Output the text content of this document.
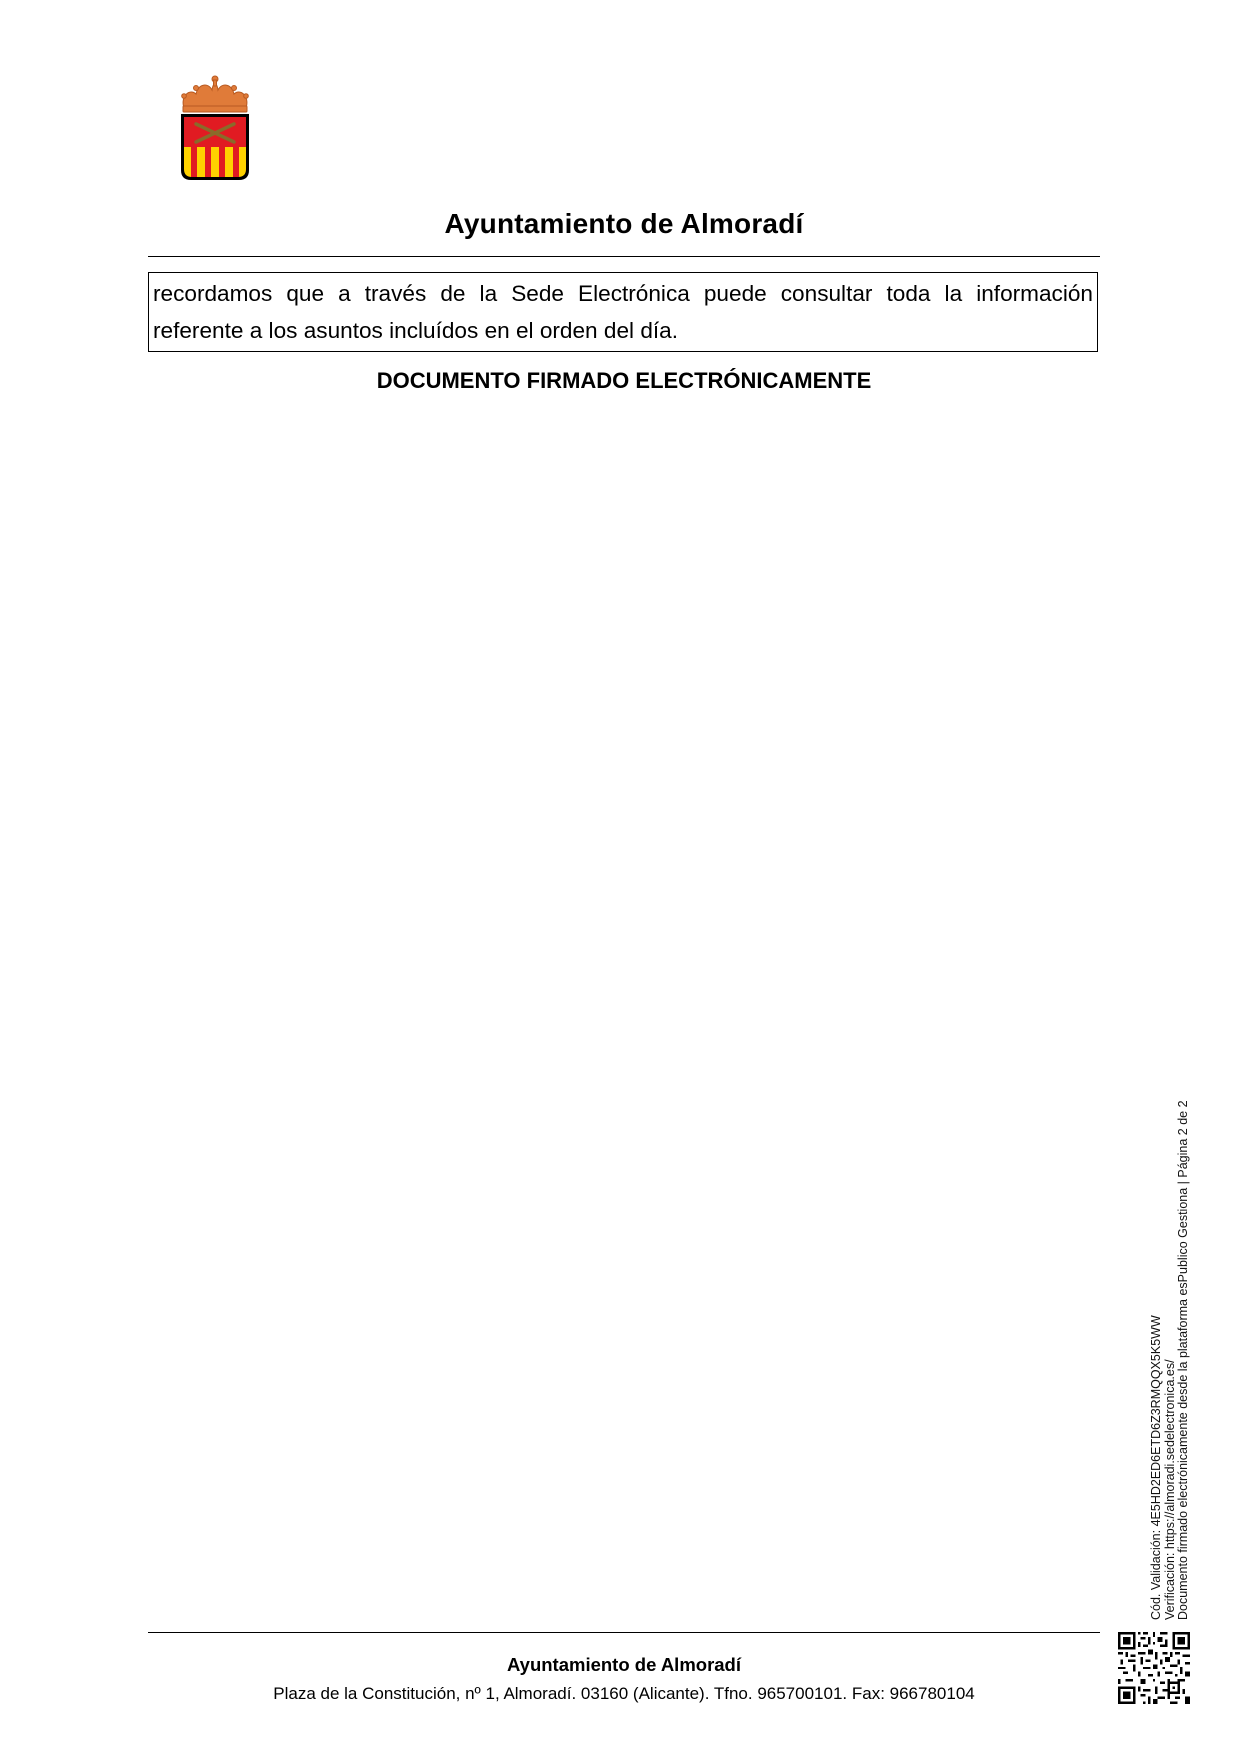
Ayuntamiento de Almoradí
recordamos que a través de la Sede Electrónica puede consultar toda la información
referente a los asuntos incluídos en el orden del día.
DOCUMENTO FIRMADO ELECTRÓNICAMENTE
Cód. Validación: 4E5HD2ED6ETD6Z3RMQQX5K5WW Verificación: https://almoradi.sedelectronica.es/ Documento firmado electrónicamente desde la plataforma esPublico Gestiona | Página 2 de 2
Ayuntamiento de Almoradí
Plaza de la Constitución, nº 1, Almoradí. 03160 (Alicante). Tfno. 965700101. Fax: 966780104
